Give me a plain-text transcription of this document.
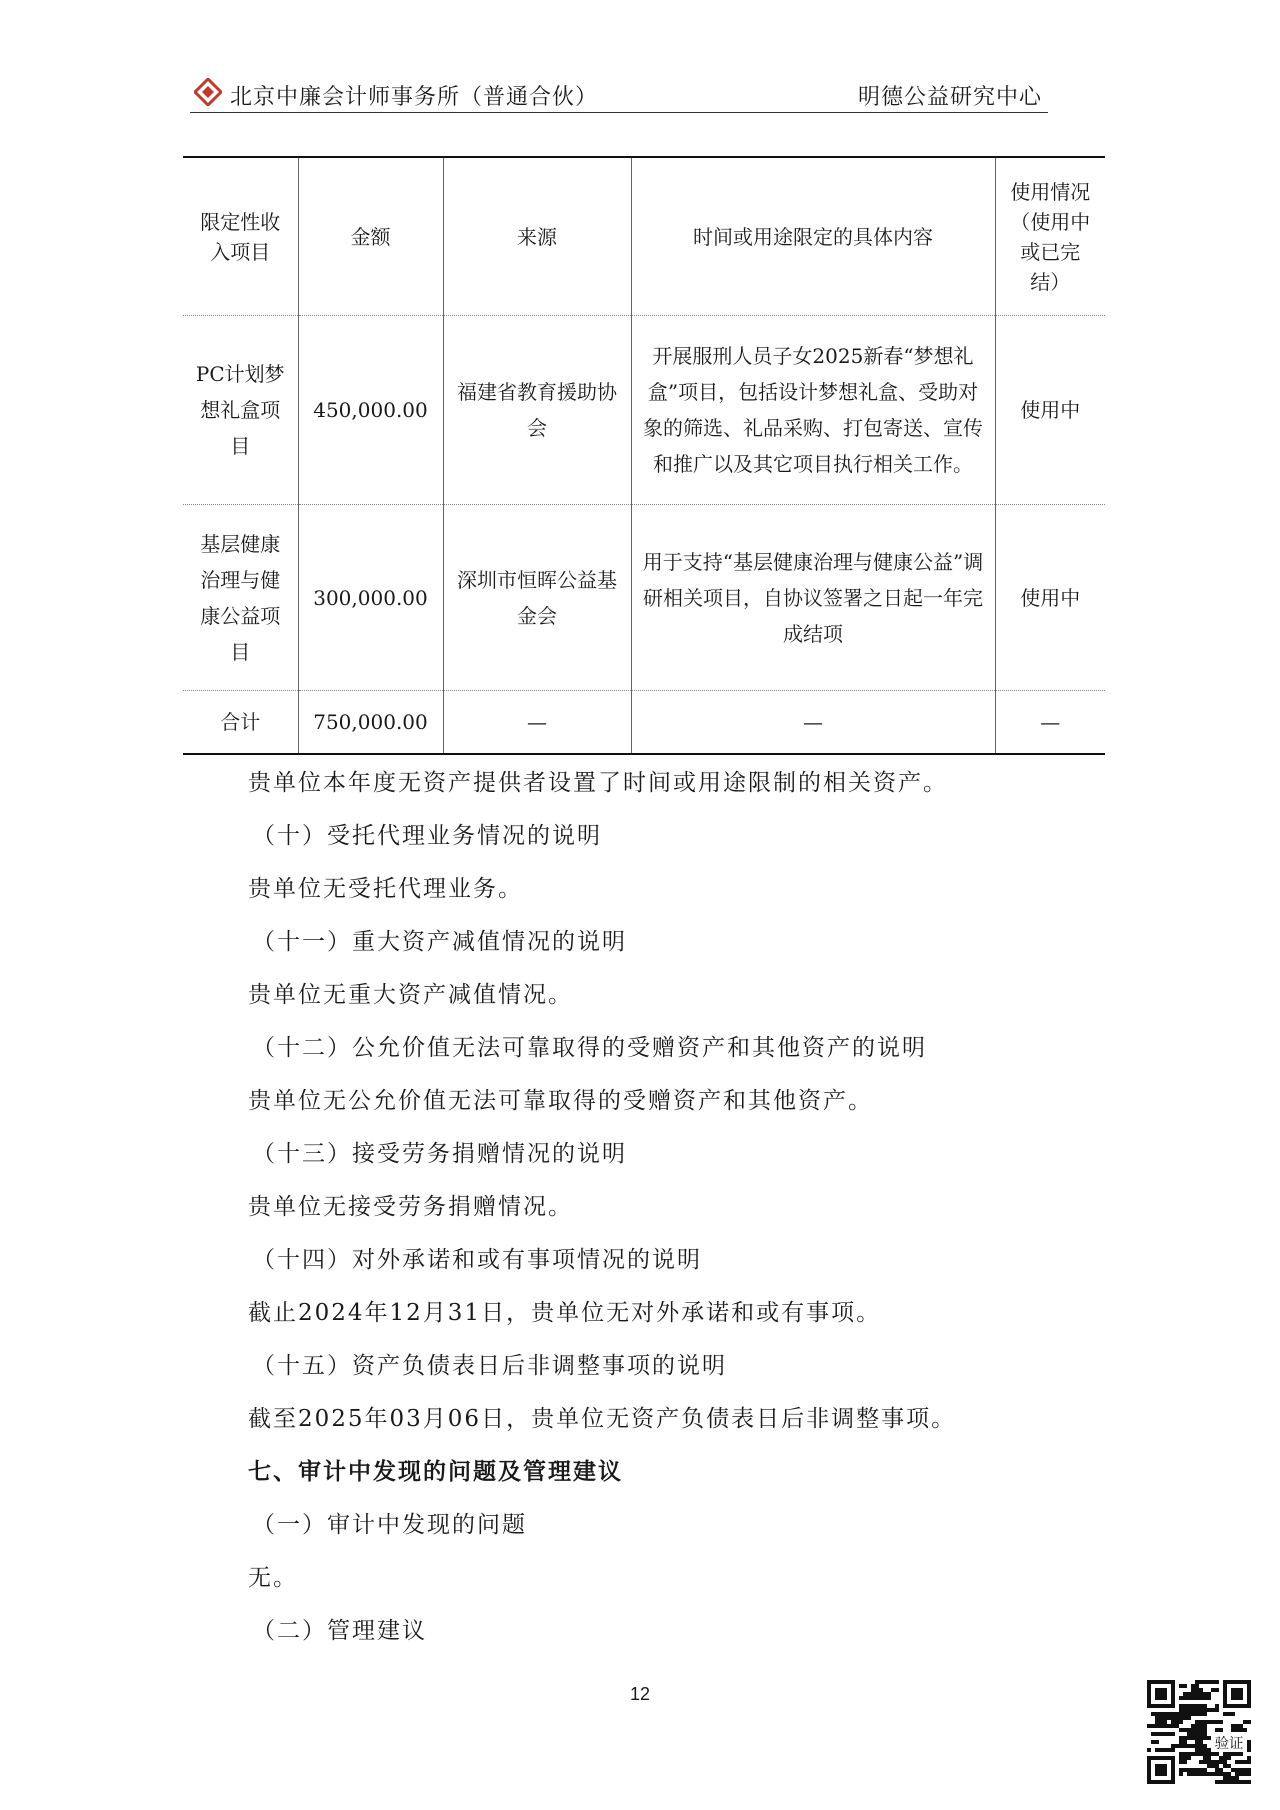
北京中廉会计师事务所（普通合伙）	明德公益研究中心
限定性收入项目	金额	来源	时间或用途限定的具体内容	使用情况（使用中或已完结）
PC计划梦想礼盒项目	450,000.00	福建省教育援助协会	开展服刑人员子女2025新春“梦想礼盒”项目，包括设计梦想礼盒、受助对象的筛选、礼品采购、打包寄送、宣传和推广以及其它项目执行相关工作。	使用中
基层健康治理与健康公益项目	300,000.00	深圳市恒晖公益基金会	用于支持“基层健康治理与健康公益”调研相关项目，自协议签署之日起一年完成结项	使用中
合计	750,000.00	—	—	—
贵单位本年度无资产提供者设置了时间或用途限制的相关资产。
（十）受托代理业务情况的说明
贵单位无受托代理业务。
（十一）重大资产减值情况的说明
贵单位无重大资产减值情况。
（十二）公允价值无法可靠取得的受赠资产和其他资产的说明
贵单位无公允价值无法可靠取得的受赠资产和其他资产。
（十三）接受劳务捐赠情况的说明
贵单位无接受劳务捐赠情况。
（十四）对外承诺和或有事项情况的说明
截止2024年12月31日，贵单位无对外承诺和或有事项。
（十五）资产负债表日后非调整事项的说明
截至2025年03月06日，贵单位无资产负债表日后非调整事项。
七、审计中发现的问题及管理建议
（一）审计中发现的问题
无。
（二）管理建议
12
验证
